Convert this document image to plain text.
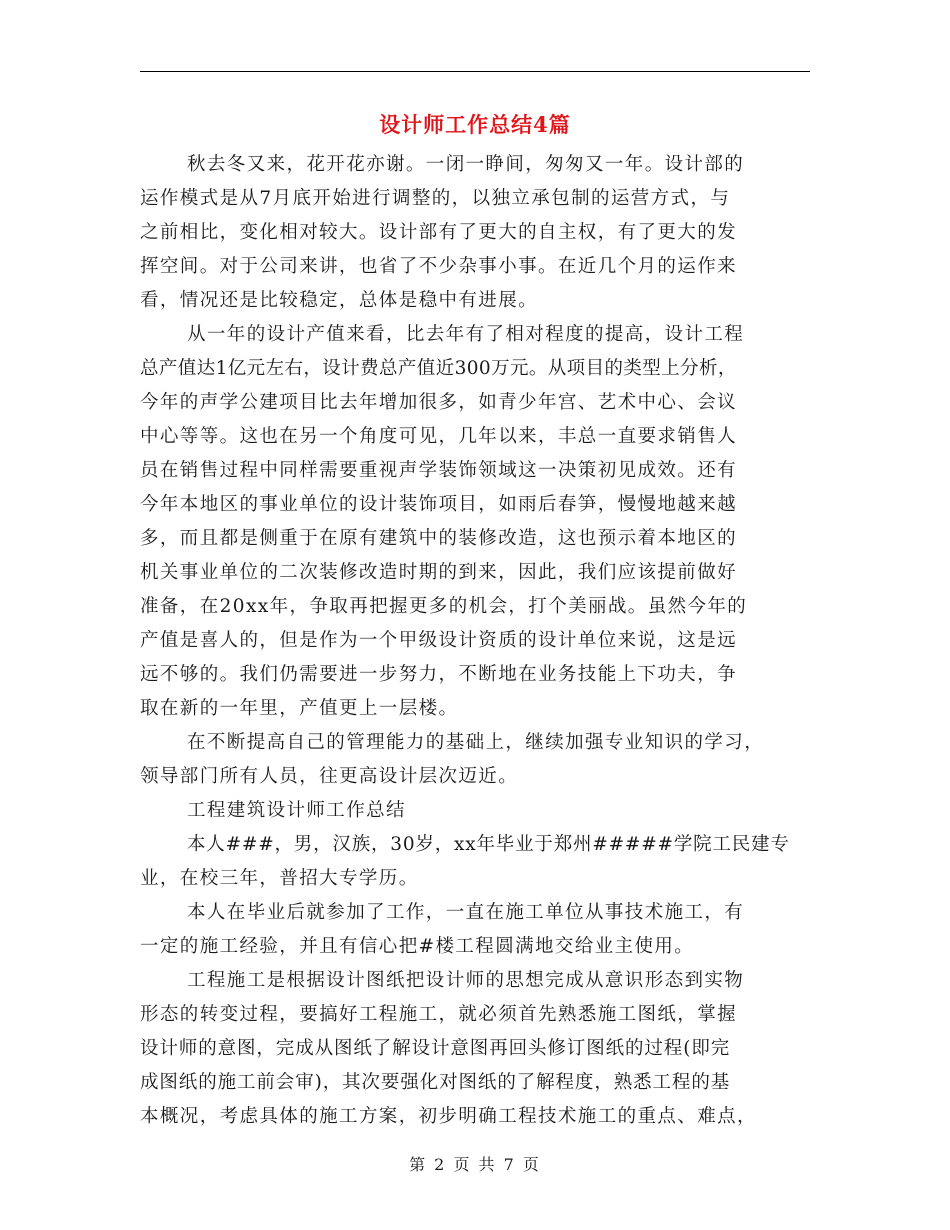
设计师工作总结4篇
秋去冬又来，花开花亦谢。一闭一睁间，匆匆又一年。设计部的
运作模式是从7月底开始进行调整的，以独立承包制的运营方式，与
之前相比，变化相对较大。设计部有了更大的自主权，有了更大的发
挥空间。对于公司来讲，也省了不少杂事小事。在近几个月的运作来
看，情况还是比较稳定，总体是稳中有进展。
从一年的设计产值来看，比去年有了相对程度的提高，设计工程
总产值达1亿元左右，设计费总产值近300万元。从项目的类型上分析，
今年的声学公建项目比去年增加很多，如青少年宫、艺术中心、会议
中心等等。这也在另一个角度可见，几年以来，丰总一直要求销售人
员在销售过程中同样需要重视声学装饰领域这一决策初见成效。还有
今年本地区的事业单位的设计装饰项目，如雨后春笋，慢慢地越来越
多，而且都是侧重于在原有建筑中的装修改造，这也预示着本地区的
机关事业单位的二次装修改造时期的到来，因此，我们应该提前做好
准备，在20xx年，争取再把握更多的机会，打个美丽战。虽然今年的
产值是喜人的，但是作为一个甲级设计资质的设计单位来说，这是远
远不够的。我们仍需要进一步努力，不断地在业务技能上下功夫，争
取在新的一年里，产值更上一层楼。
在不断提高自己的管理能力的基础上，继续加强专业知识的学习，
领导部门所有人员，往更高设计层次迈近。
工程建筑设计师工作总结
本人###，男，汉族，30岁，xx年毕业于郑州#####学院工民建专
业，在校三年，普招大专学历。
本人在毕业后就参加了工作，一直在施工单位从事技术施工，有
一定的施工经验，并且有信心把#楼工程圆满地交给业主使用。
工程施工是根据设计图纸把设计师的思想完成从意识形态到实物
形态的转变过程，要搞好工程施工，就必须首先熟悉施工图纸，掌握
设计师的意图，完成从图纸了解设计意图再回头修订图纸的过程(即完
成图纸的施工前会审)，其次要强化对图纸的了解程度，熟悉工程的基
本概况，考虑具体的施工方案，初步明确工程技术施工的重点、难点，
第 2 页 共 7 页
